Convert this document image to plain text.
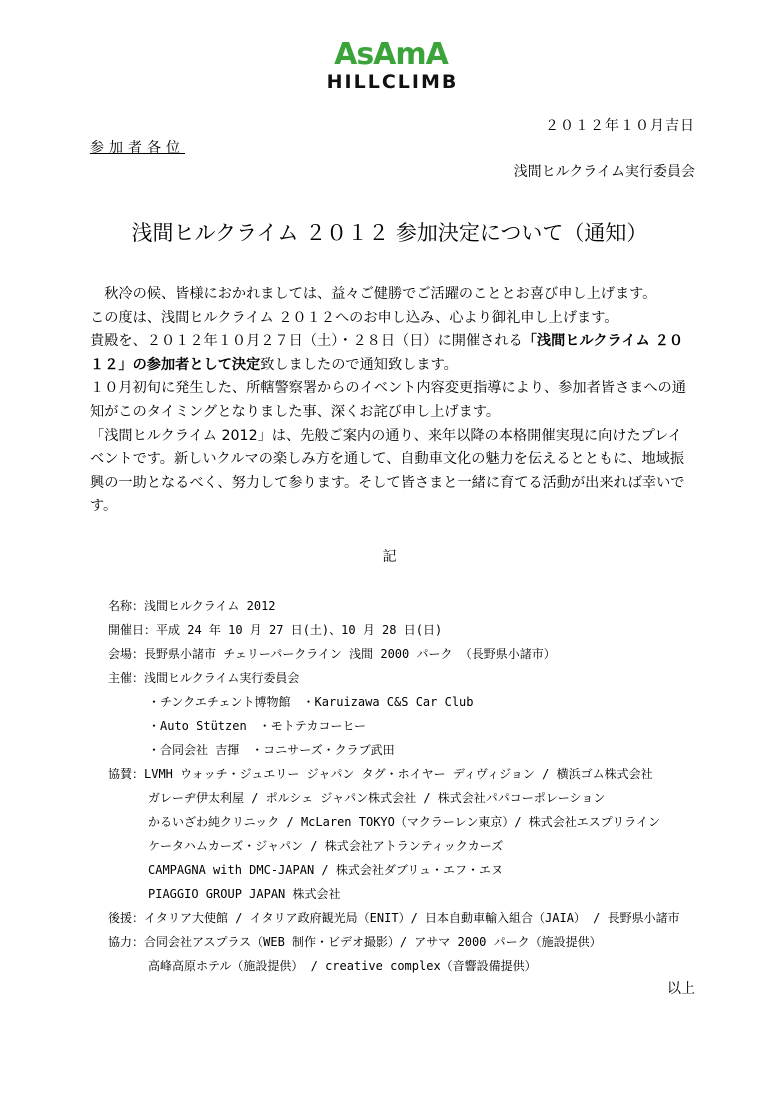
AsAmA
HILLCLIMB
２０１２年１０月吉日
参加者各位
浅間ヒルクライム実行委員会
浅間ヒルクライム ２０１２ 参加決定について（通知）

　秋冷の候、皆様におかれましては、益々ご健勝でご活躍のこととお喜び申し上げます。

この度は、浅間ヒルクライム ２０１２へのお申し込み、心より御礼申し上げます。

貴殿を、２０１２年１０月２７日（土）・２８日（日）に開催される「浅間ヒルクライム ２０１２」の参加者として決定致しましたので通知致します。

１０月初旬に発生した、所轄警察署からのイベント内容変更指導により、参加者皆さまへの通知がこのタイミングとなりました事、深くお詫び申し上げます。

「浅間ヒルクライム 2012」は、先般ご案内の通り、来年以降の本格開催実現に向けたプレイベントです。新しいクルマの楽しみ方を通して、自動車文化の魅力を伝えるとともに、地域振興の一助となるべく、努力して参ります。そして皆さまと一緒に育てる活動が出来れば幸いです。

記
名称：浅間ヒルクライム 2012
開催日：平成 24 年 10 月 27 日(土)、10 月 28 日(日)
会場：長野県小諸市 チェリーパークライン 浅間 2000 パーク （長野県小諸市）
主催：浅間ヒルクライム実行委員会
・チンクエチェント博物館　・Karuizawa C&S Car Club
・Auto Stützen　・モトテカコーヒー
・合同会社 吉揮　・コニサーズ・クラブ武田
協賛：LVMH ウォッチ・ジュエリー ジャパン タグ・ホイヤー ディヴィジョン / 横浜ゴム株式会社
ガレーヂ伊太利屋 / ポルシェ ジャパン株式会社 / 株式会社パパコーポレーション
かるいざわ純クリニック / McLaren TOKYO（マクラーレン東京）/ 株式会社エスプリライン
ケータハムカーズ・ジャパン / 株式会社アトランティックカーズ
CAMPAGNA with DMC-JAPAN / 株式会社ダブリュ・エフ・エヌ
PIAGGIO GROUP JAPAN 株式会社
後援：イタリア大使館 / イタリア政府観光局（ENIT）/ 日本自動車輸入組合（JAIA） / 長野県小諸市
協力：合同会社アスプラス（WEB 制作・ビデオ撮影）/ アサマ 2000 パーク（施設提供）
高峰高原ホテル（施設提供） / creative complex（音響設備提供）
以上
